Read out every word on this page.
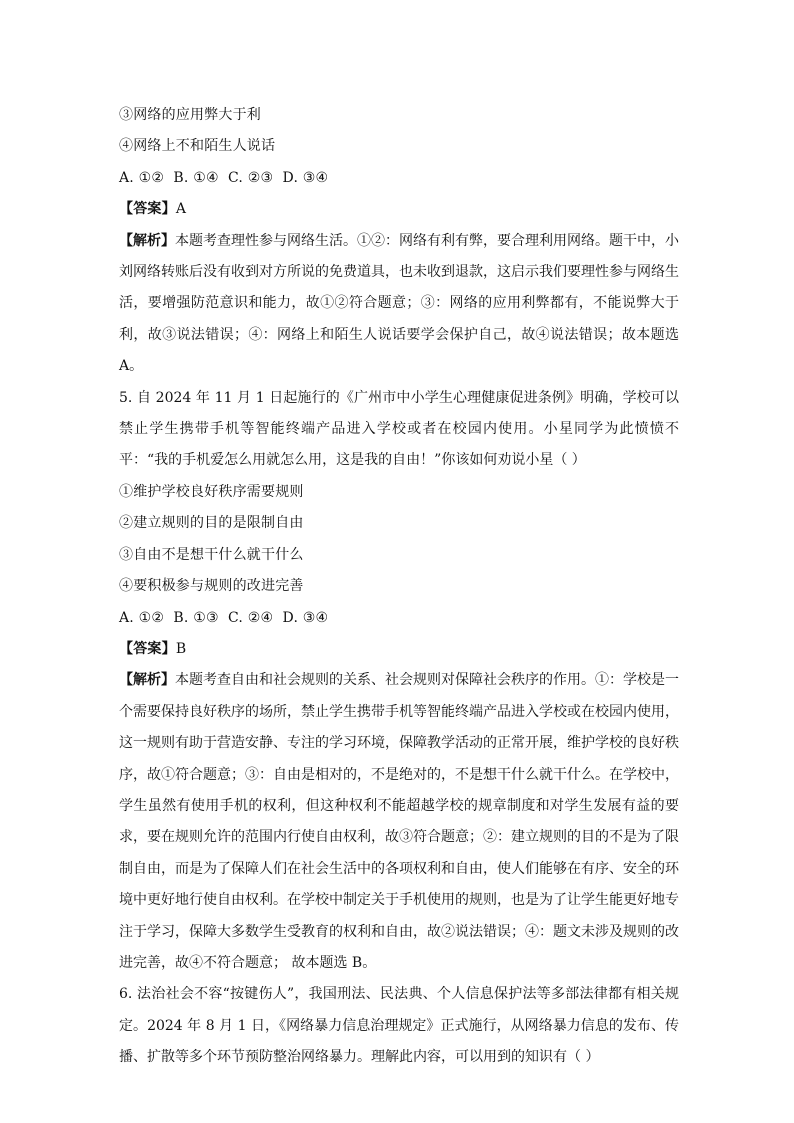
③网络的应用弊大于利
④网络上不和陌生人说话
A. ①②  B. ①④  C. ②③  D. ③④
【答案】A
【解析】本题考查理性参与网络生活。①②：网络有利有弊，要合理利用网络。题干中，小刘网络转账后没有收到对方所说的免费道具，也未收到退款，这启示我们要理性参与网络生活，要增强防范意识和能力，故①②符合题意；③：网络的应用利弊都有，不能说弊大于利，故③说法错误；④：网络上和陌生人说话要学会保护自己，故④说法错误；故本题选 A。
5. 自 2024 年 11 月 1 日起施行的《广州市中小学生心理健康促进条例》明确，学校可以禁止学生携带手机等智能终端产品进入学校或者在校园内使用。小星同学为此愤愤不平：“我的手机爱怎么用就怎么用，这是我的自由！”你该如何劝说小星（ ）
①维护学校良好秩序需要规则
②建立规则的目的是限制自由
③自由不是想干什么就干什么
④要积极参与规则的改进完善
A. ①②  B. ①③  C. ②④  D. ③④
【答案】B
【解析】本题考查自由和社会规则的关系、社会规则对保障社会秩序的作用。①：学校是一个需要保持良好秩序的场所，禁止学生携带手机等智能终端产品进入学校或在校园内使用，这一规则有助于营造安静、专注的学习环境，保障教学活动的正常开展，维护学校的良好秩序，故①符合题意；③：自由是相对的，不是绝对的，不是想干什么就干什么。在学校中，学生虽然有使用手机的权利，但这种权利不能超越学校的规章制度和对学生发展有益的要求，要在规则允许的范围内行使自由权利，故③符合题意；②：建立规则的目的不是为了限制自由，而是为了保障人们在社会生活中的各项权利和自由，使人们能够在有序、安全的环境中更好地行使自由权利。在学校中制定关于手机使用的规则，也是为了让学生能更好地专注于学习，保障大多数学生受教育的权利和自由，故②说法错误；④：题文未涉及规则的改进完善，故④不符合题意； 故本题选 B。
6. 法治社会不容“按键伤人”，我国刑法、民法典、个人信息保护法等多部法律都有相关规定。2024 年 8 月 1 日，《网络暴力信息治理规定》正式施行，从网络暴力信息的发布、传播、扩散等多个环节预防整治网络暴力。理解此内容，可以用到的知识有（ ）
